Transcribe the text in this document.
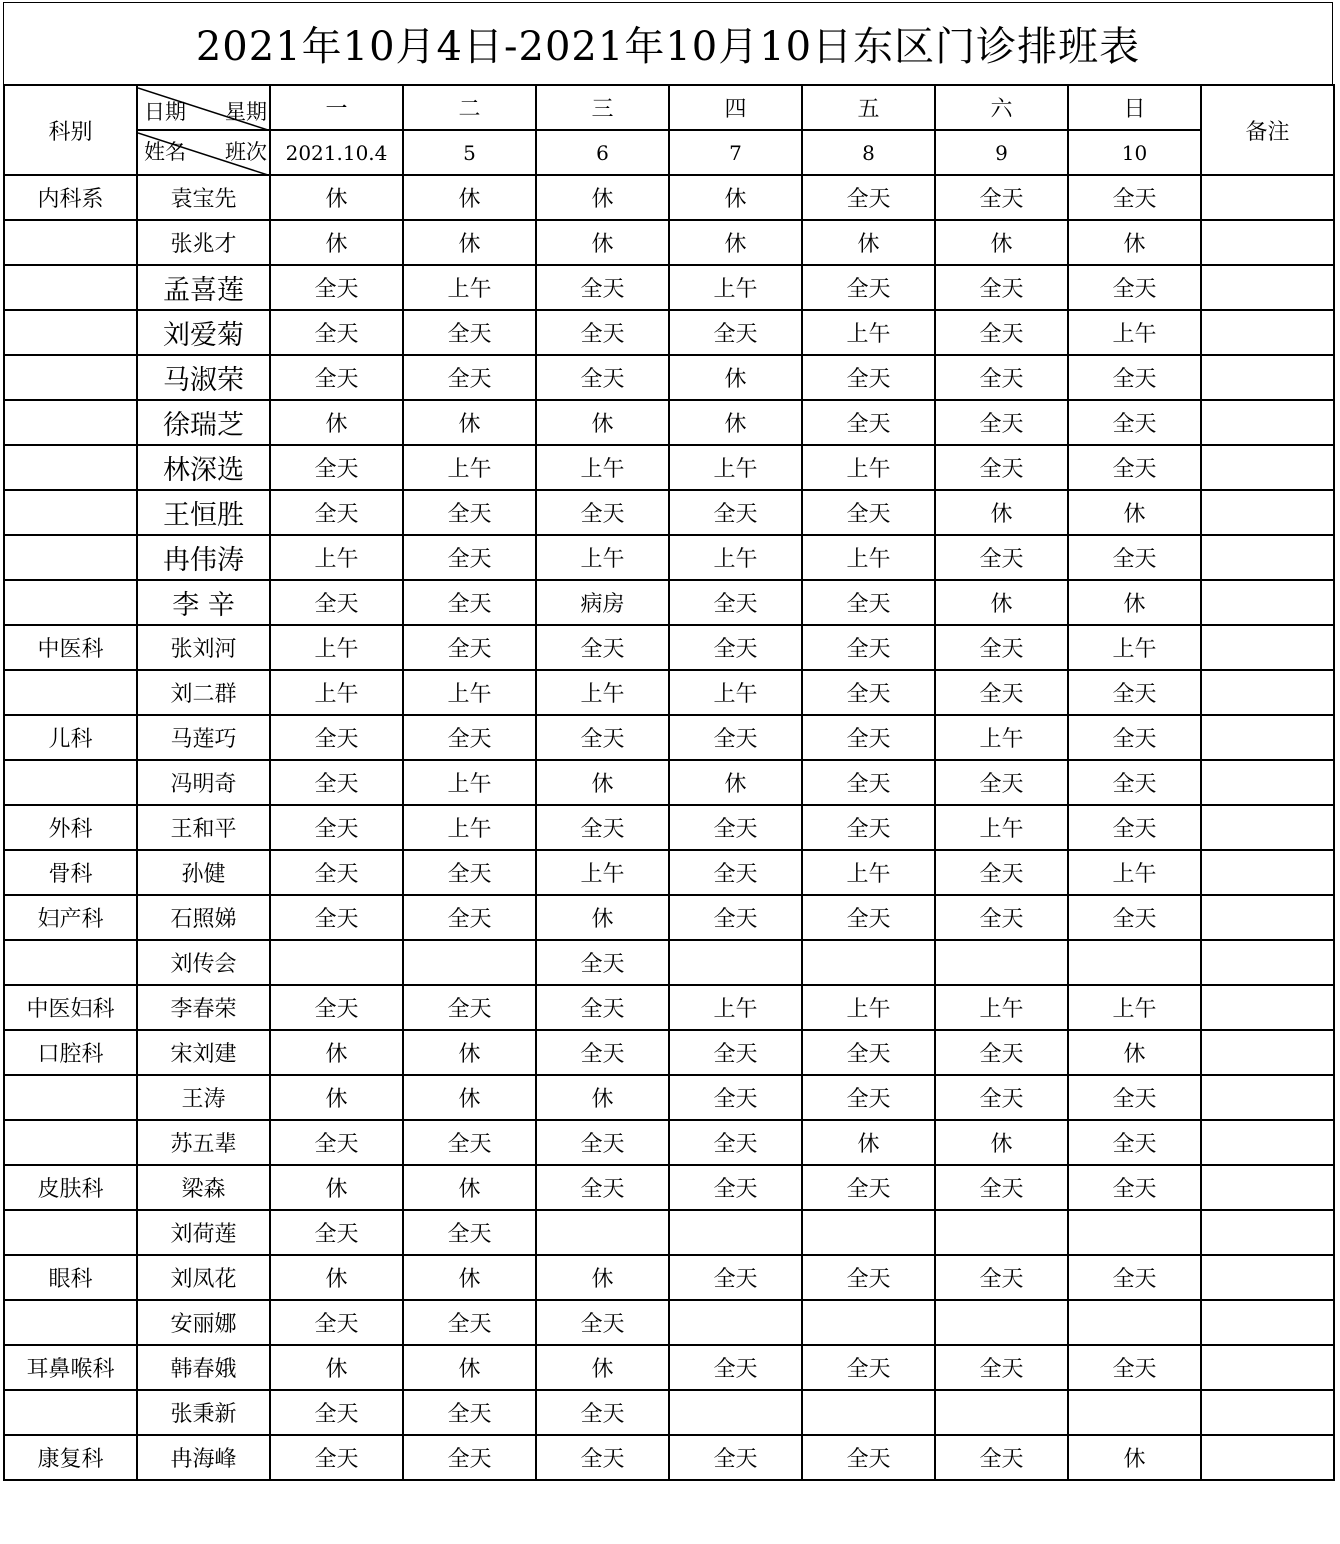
2021年10月4日-2021年10月10日东区门诊排班表
科别	日期 星期	一	二	三	四	五	六	日	备注

	姓名 班次	2021.10.4	5	6	7	8	9	10	
内科系	袁宝先	休	休	休	休	全天	全天	全天	
	张兆才	休	休	休	休	休	休	休	
	孟喜莲	全天	上午	全天	上午	全天	全天	全天	
	刘爱菊	全天	全天	全天	全天	上午	全天	上午	
	马淑荣	全天	全天	全天	休	全天	全天	全天	
	徐瑞芝	休	休	休	休	全天	全天	全天	
	林深选	全天	上午	上午	上午	上午	全天	全天	
	王恒胜	全天	全天	全天	全天	全天	休	休	
	冉伟涛	上午	全天	上午	上午	上午	全天	全天	
	李 辛	全天	全天	病房	全天	全天	休	休	
中医科	张刘河	上午	全天	全天	全天	全天	全天	上午	
	刘二群	上午	上午	上午	上午	全天	全天	全天	
儿科	马莲巧	全天	全天	全天	全天	全天	上午	全天	
	冯明奇	全天	上午	休	休	全天	全天	全天	
外科	王和平	全天	上午	全天	全天	全天	上午	全天	
骨科	孙健	全天	全天	上午	全天	上午	全天	上午	
妇产科	石照娣	全天	全天	休	全天	全天	全天	全天	
	刘传会			全天					
中医妇科	李春荣	全天	全天	全天	上午	上午	上午	上午	
口腔科	宋刘建	休	休	全天	全天	全天	全天	休	
	王涛	休	休	休	全天	全天	全天	全天	
	苏五辈	全天	全天	全天	全天	休	休	全天	
皮肤科	梁森	休	休	全天	全天	全天	全天	全天	
	刘荷莲	全天	全天						
眼科	刘凤花	休	休	休	全天	全天	全天	全天	
	安丽娜	全天	全天	全天					
耳鼻喉科	韩春娥	休	休	休	全天	全天	全天	全天	
	张秉新	全天	全天	全天					
康复科	冉海峰	全天	全天	全天	全天	全天	全天	休	
